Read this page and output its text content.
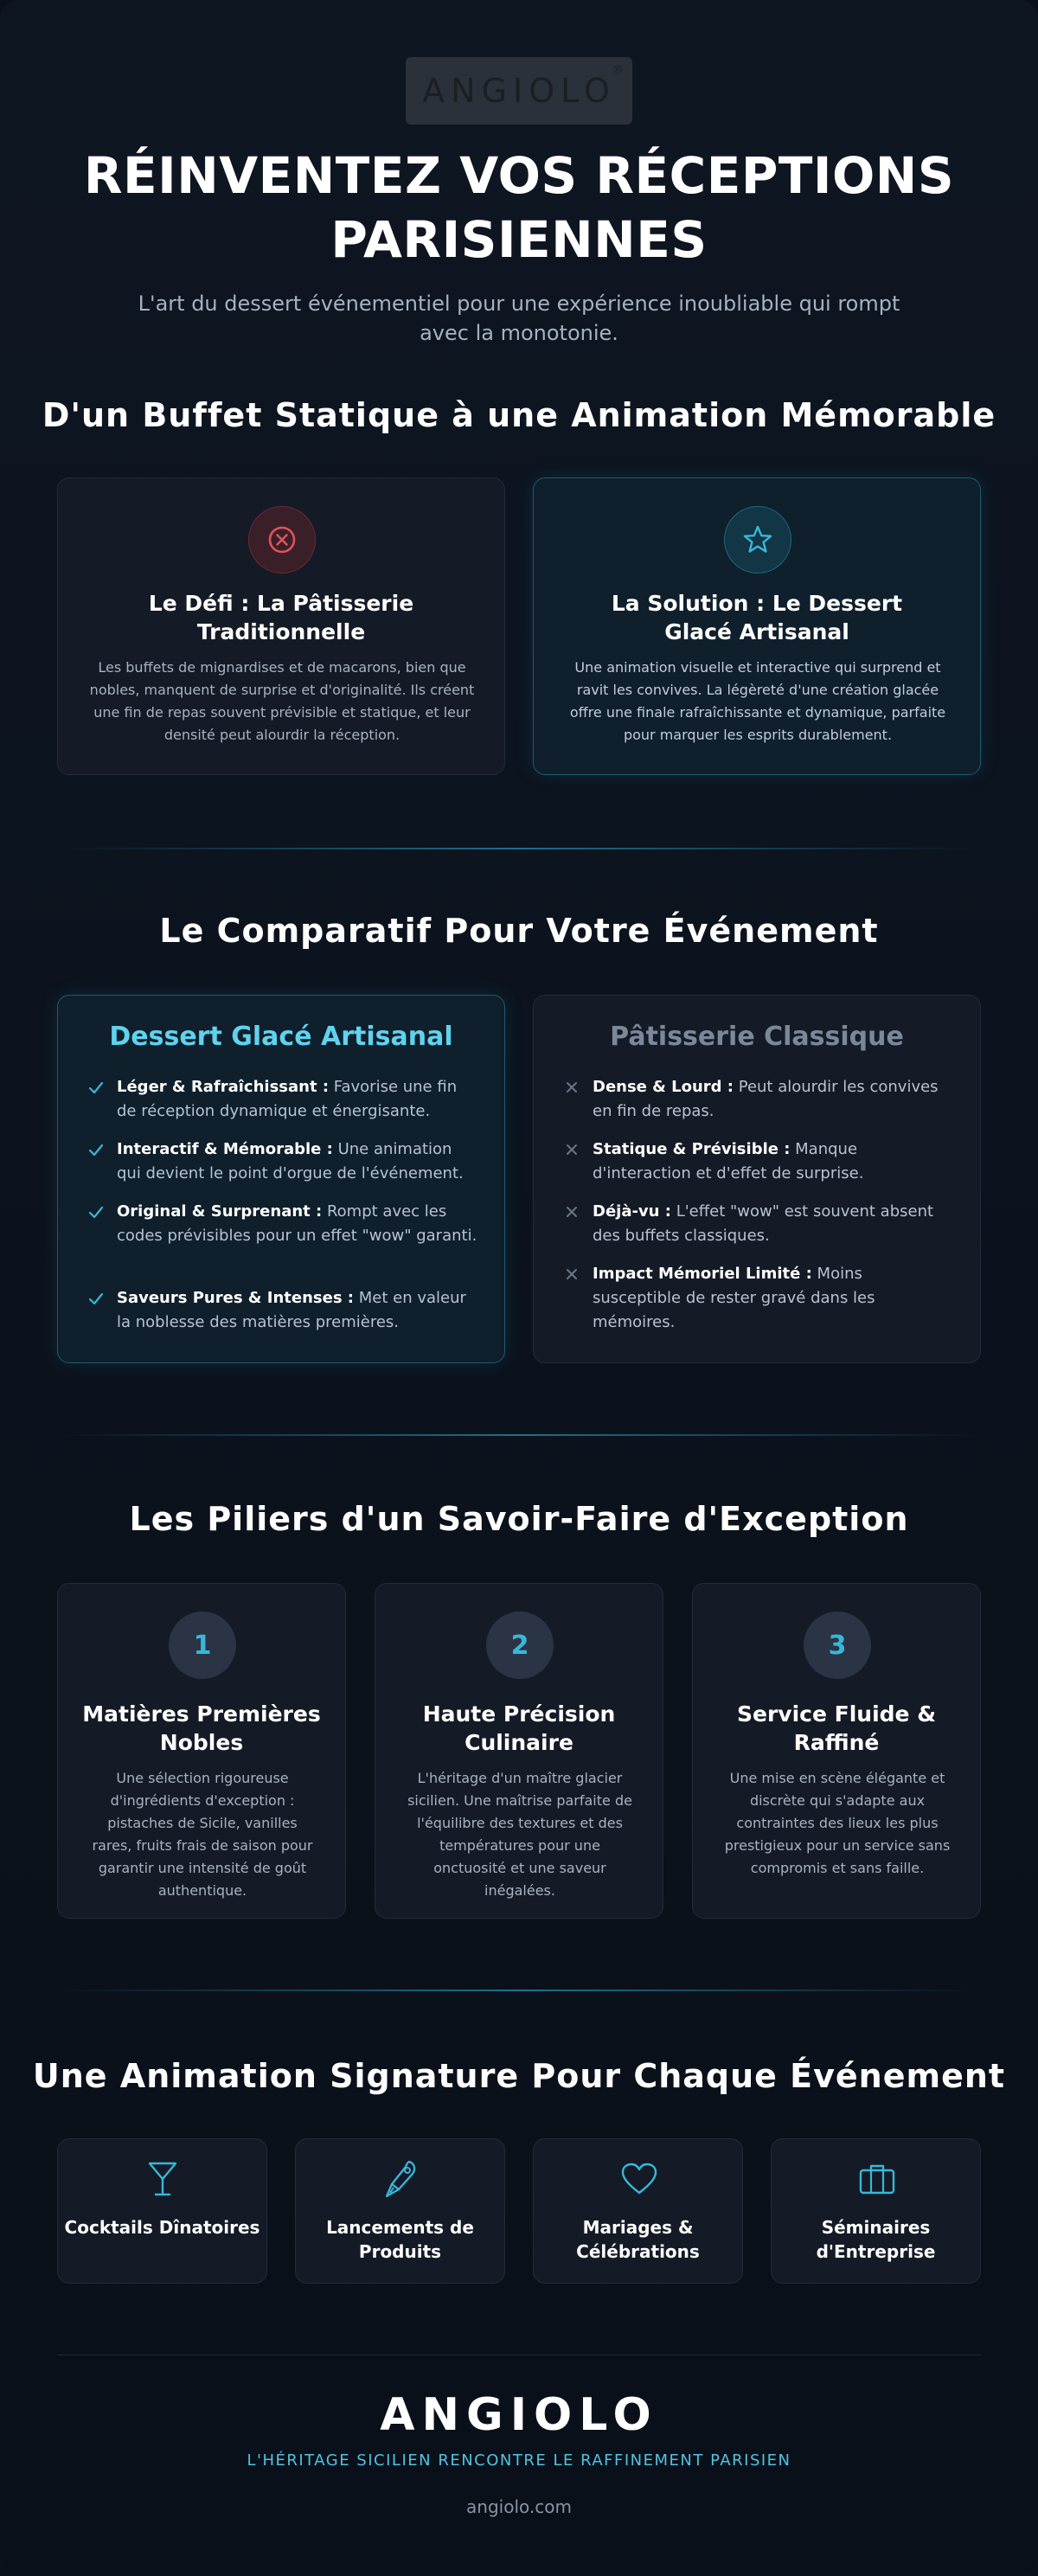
ANGIOLO
®
RÉINVENTEZ VOS RÉCEPTIONS
PARISIENNES

L'art du dessert événementiel pour une expérience inoubliable qui rompt avec la monotonie.

D'un Buffet Statique à une Animation Mémorable
Le Défi : La Pâtisserie Traditionnelle

Les buffets de mignardises et de macarons, bien que nobles, manquent de surprise et d'originalité. Ils créent une fin de repas souvent prévisible et statique, et leur densité peut alourdir la réception.

La Solution : Le Dessert Glacé Artisanal

Une animation visuelle et interactive qui surprend et ravit les convives. La légèreté d'une création glacée offre une finale rafraîchissante et dynamique, parfaite pour marquer les esprits durablement.

Le Comparatif Pour Votre Événement
Dessert Glacé Artisanal
Léger & Rafraîchissant : Favorise une fin de réception dynamique et énergisante.
Interactif & Mémorable : Une animation qui devient le point d'orgue de l'événement.
Original & Surprenant : Rompt avec les codes prévisibles pour un effet "wow" garanti.
Saveurs Pures & Intenses : Met en valeur la noblesse des matières premières.
Pâtisserie Classique
Dense & Lourd : Peut alourdir les convives en fin de repas.
Statique & Prévisible : Manque d'interaction et d'effet de surprise.
Déjà-vu : L'effet "wow" est souvent absent des buffets classiques.
Impact Mémoriel Limité : Moins susceptible de rester gravé dans les mémoires.
Les Piliers d'un Savoir-Faire d'Exception
1
Matières Premières Nobles

Une sélection rigoureuse d'ingrédients d'exception : pistaches de Sicile, vanilles rares, fruits frais de saison pour garantir une intensité de goût authentique.

2
Haute Précision Culinaire

L'héritage d'un maître glacier sicilien. Une maîtrise parfaite de l'équilibre des textures et des températures pour une onctuosité et une saveur inégalées.

3
Service Fluide & Raffiné

Une mise en scène élégante et discrète qui s'adapte aux contraintes des lieux les plus prestigieux pour un service sans compromis et sans faille.

Une Animation Signature Pour Chaque Événement
Cocktails Dînatoires	Lancements de Produits
Mariages & Célébrations
Séminaires d'Entreprise
ANGIOLO
L'HÉRITAGE SICILIEN RENCONTRE LE RAFFINEMENT PARISIEN
angiolo.com
